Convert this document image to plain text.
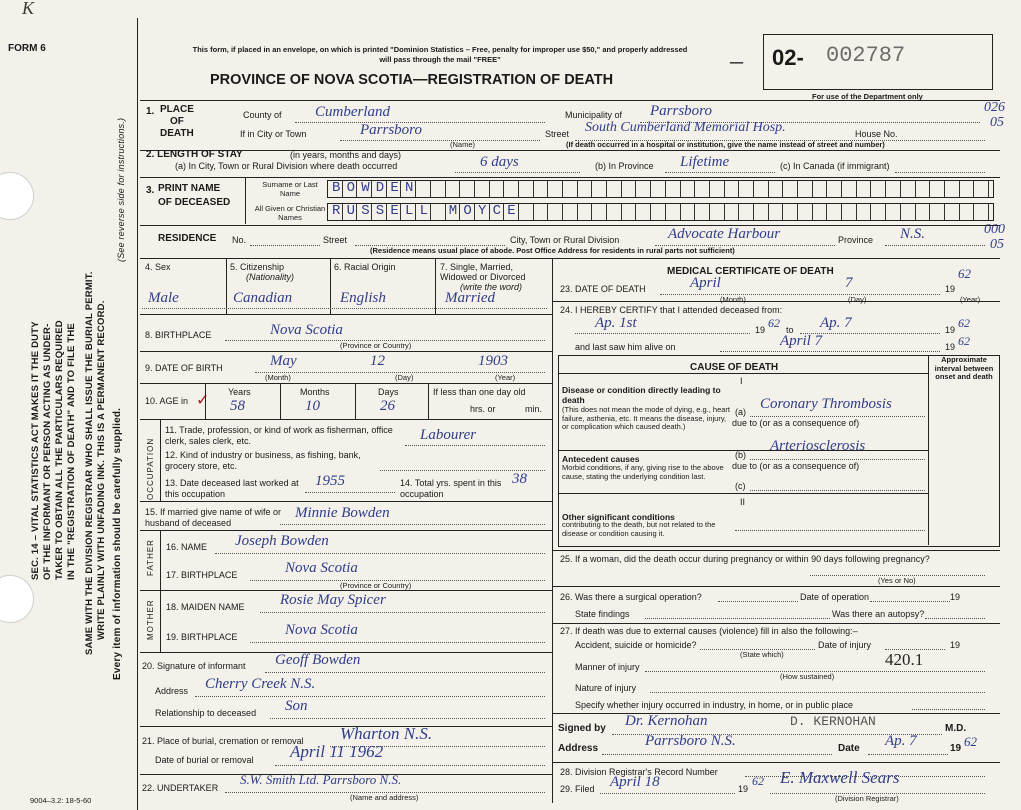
K
FORM 6
SEC. 14 – VITAL STATISTICS ACT MAKES IT THE DUTY OF THE INFORMANT OR PERSON ACTING AS UNDER- TAKER TO OBTAIN ALL THE PARTICULARS REQUIRED IN THE "REGISTRATION OF DEATH" AND TO FILE THE SAME WITH THE DIVISION REGISTRAR WHO SHALL ISSUE THE BURIAL PERMIT. WRITE PLAINLY WITH UNFADING INK. THIS IS A PERMANENT RECORD. Every item of information should be carefully supplied.
(See reverse side for instructions.)
This form, if placed in an envelope, on which is printed "Dominion Statistics – Free, penalty for improper use $50," and properly addressed will pass through the mail "FREE"
PROVINCE OF NOVA SCOTIA—REGISTRATION OF DEATH
– 02- 002787
For use of the Department only
026
05
000
05
1. PLACE
OF
DEATH
County of Cumberland	Municipality of Parrsboro
If in City or Town	Parrsboro
(Name)
Street South Cumberland Memorial Hosp.	House No.
(If death occurred in a hospital or institution, give the name instead of street and number)
2. LENGTH OF STAY	(in years, months and days)
(a) In City, Town or Rural Division where death occurred	6 days	(b) In Province Lifetime	(c) In Canada (if immigrant)
3. PRINT NAME
OF DECEASED
Surname or Last Name
All Given or Christian Names
BOWDEN
RUSSELL MOYCE
RESIDENCE No.	Street	City, Town or Rural Division	Advocate Harbour	Province N.S.
(Residence means usual place of abode. Post Office Address for residents in rural parts not sufficient)
4. Sex	5. Citizenship
(Nationality)
6. Racial Origin	7. Single, Married, Widowed or Divorced
(write the word)
Male	Canadian	English	Married
8. BIRTHPLACE	Nova Scotia
(Province or Country)
9. DATE OF BIRTH	May	12	1903
(Month)	(Day)	(Year)
10. AGE in ✓ Years	Months	Days
58	10	26
If less than one day old
hrs. or	min.
OCCUPATION
11. Trade, profession, or kind of work as fisherman, office clerk, sales clerk, etc.	Labourer
12. Kind of industry or business, as fishing, bank, grocery store, etc.
13. Date deceased last worked at this occupation
1955	14. Total yrs. spent in this occupation
38
15. If married give name of wife or husband of deceased
Minnie Bowden
FATHER 16. NAME Joseph Bowden
17. BIRTHPLACE	Nova Scotia
(Province or Country)
MOTHER 18. MAIDEN NAME Rosie May Spicer
19. BIRTHPLACE	Nova Scotia
20. Signature of informant Geoff Bowden
Address Cherry Creek N.S.
Relationship to deceased Son
21. Place of burial, cremation or removal Wharton N.S.
Date of burial or removal April 11 1962
22. UNDERTAKER
S.W. Smith Ltd. Parrsboro N.S.
(Name and address)
MEDICAL CERTIFICATE OF DEATH
23. DATE OF DEATH	April	7	19
62
(Month)	(Day)	(Year)
24. I HEREBY CERTIFY that I attended deceased from:
Ap. 1st	19 62 to Ap. 7	19 62
and last saw him alive on	April 7	19 62
CAUSE OF DEATH
Approximate interval between onset and death
I
Disease or condition directly leading to death
(This does not mean the mode of dying, e.g., heart failure, asthenia, etc. It means the disease, injury, or complication which caused death.)
(a) Coronary Thrombosis
due to (or as a consequence of)
Antecedent causes
Morbid conditions, if any, giving rise to the above cause, stating the underlying condition last.
(b)
Arteriosclerosis
due to (or as a consequence of)
(c)
II
Other significant conditions
contributing to the death, but not related to the disease or condition causing it.
25. If a woman, did the death occur during pregnancy or within 90 days following pregnancy?
(Yes or No)
26. Was there a surgical operation?	Date of operation	19
State findings	Was there an autopsy?
27. If death was due to external causes (violence) fill in also the following:–
Accident, suicide or homicide?	Date of injury	19
(State which)
Manner of injury	420.1
(How sustained)
Nature of injury
Specify whether injury occurred in industry, in home, or in public place
Signed by Dr. Kernohan	D. KERNOHAN	M.D.
Address	Parrsboro N.S.	Date Ap. 7	19 62
28. Division Registrar's Record Number
29. Filed April 18	19
62 E. Maxwell Sears
(Division Registrar)
9004–3.2: 18-5-60
